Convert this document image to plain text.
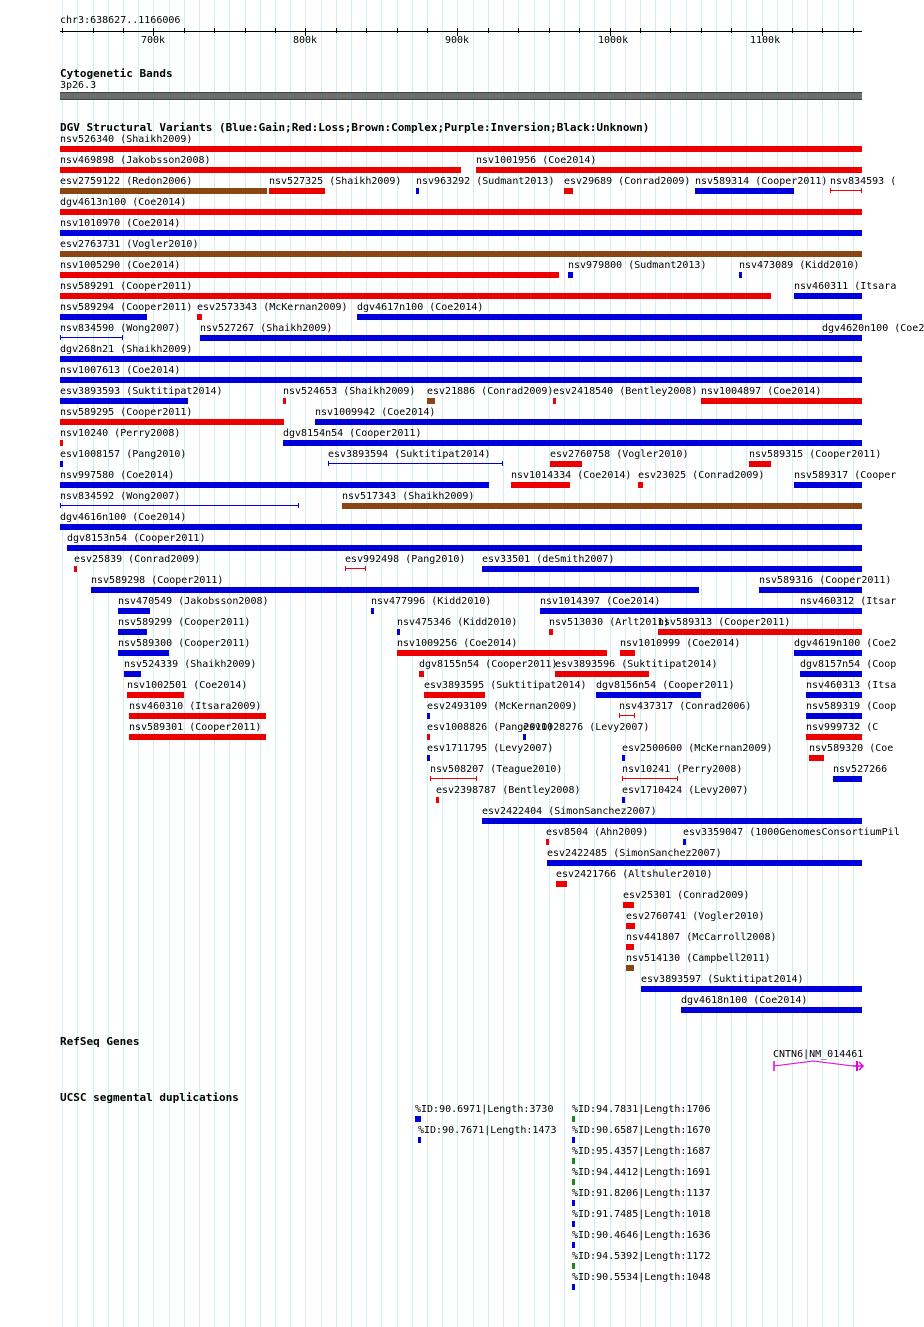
chr3:638627..1166006
700k	800k	900k	1000k	1100k
Cytogenetic Bands
3p26.3
DGV Structural Variants (Blue:Gain;Red:Loss;Brown:Complex;Purple:Inversion;Black:Unknown)
nsv526340 (Shaikh2009)
nsv469898 (Jakobsson2008)	nsv1001956 (Coe2014)
esv2759122 (Redon2006)	nsv527325 (Shaikh2009) nsv963292 (Sudmant2013) esv29689 (Conrad2009) nsv589314 (Cooper2011) nsv834593 (
dgv4613n100 (Coe2014)
nsv1010970 (Coe2014)
esv2763731 (Vogler2010)
nsv1005290 (Coe2014)	nsv979800 (Sudmant2013)	nsv473089 (Kidd2010)
nsv589291 (Cooper2011)	nsv460311 (Itsara
nsv589294 (Cooper2011) esv2573343 (McKernan2009) dgv4617n100 (Coe2014)
nsv834590 (Wong2007) nsv527267 (Shaikh2009)	dgv4620n100 (Coe2
dgv268n21 (Shaikh2009)
nsv1007613 (Coe2014)
esv3893593 (Suktitipat2014)	nsv524653 (Shaikh2009) esv21886 (Conrad2009) esv2418540 (Bentley2008) nsv1004897 (Coe2014)
nsv589295 (Cooper2011)	nsv1009942 (Coe2014)
nsv10240 (Perry2008)	dgv8154n54 (Cooper2011)
esv1008157 (Pang2010)	esv3893594 (Suktitipat2014)	esv2760758 (Vogler2010)	nsv589315 (Cooper2011)
nsv997580 (Coe2014)	nsv1014334 (Coe2014) esv23025 (Conrad2009)	nsv589317 (Cooper
nsv834592 (Wong2007)	nsv517343 (Shaikh2009)
dgv4616n100 (Coe2014)
dgv8153n54 (Cooper2011)
esv25839 (Conrad2009)	esv992498 (Pang2010) esv33501 (deSmith2007)
nsv589298 (Cooper2011)	nsv589316 (Cooper2011)
nsv470549 (Jakobsson2008)	nsv477996 (Kidd2010)	nsv1014397 (Coe2014)	nsv460312 (Itsar
nsv589299 (Cooper2011)	nsv475346 (Kidd2010)	nsv513030 (Arlt2011)
nsv589313 (Cooper2011)
nsv589300 (Cooper2011)	nsv1009256 (Coe2014)	nsv1010999 (Coe2014)	dgv4619n100 (Coe2
nsv524339 (Shaikh2009)	dgv8155n54 (Cooper2011)
esv3893596 (Suktitipat2014)	dgv8157n54 (Coop
nsv1002501 (Coe2014)	esv3893595 (Suktitipat2014) dgv8156n54 (Cooper2011)	nsv460313 (Itsa
nsv460310 (Itsara2009)	esv2493109 (McKernan2009)	nsv437317 (Conrad2006)	nsv589319 (Coop
nsv589301 (Cooper2011)	esv1008826 (Pang2010)
esv1028276 (Levy2007)	nsv999732 (C
esv1711795 (Levy2007)	esv2500600 (McKernan2009)	nsv589320 (Coe
nsv508207 (Teague2010)	nsv10241 (Perry2008)	nsv527266
esv2398787 (Bentley2008)	esv1710424 (Levy2007)
esv2422404 (SimonSanchez2007)
esv8504 (Ahn2009)	esv3359047 (1000GenomesConsortiumPil
esv2422485 (SimonSanchez2007)
esv2421766 (Altshuler2010)
esv25301 (Conrad2009)
esv2760741 (Vogler2010)
nsv441807 (McCarroll2008)
nsv514130 (Campbell2011)
esv3893597 (Suktitipat2014)
dgv4618n100 (Coe2014)
RefSeq Genes
CNTN6|NM_014461
UCSC segmental duplications
%ID:90.6971|Length:3730 %ID:94.7831|Length:1706
%ID:90.7671|Length:1473 %ID:90.6587|Length:1670
%ID:95.4357|Length:1687
%ID:94.4412|Length:1691
%ID:91.8206|Length:1137
%ID:91.7485|Length:1018
%ID:90.4646|Length:1636
%ID:94.5392|Length:1172
%ID:90.5534|Length:1048
